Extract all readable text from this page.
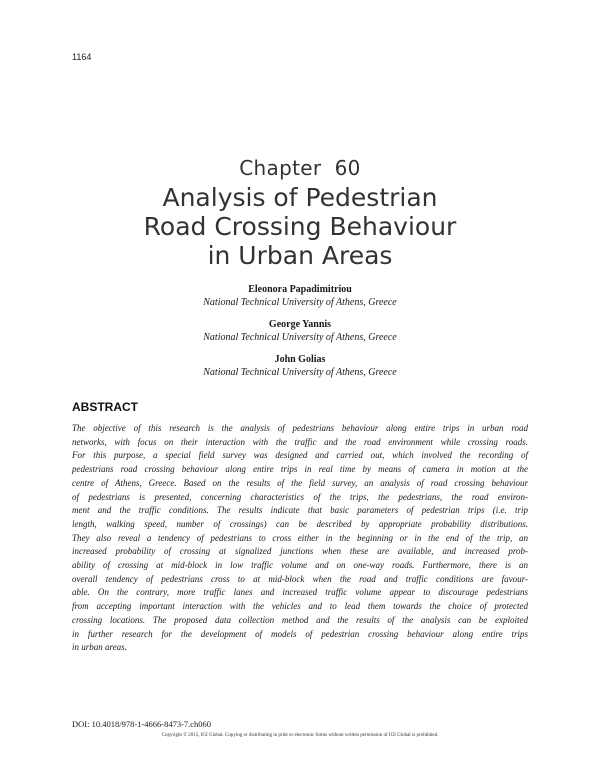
1164
Chapter  60
Analysis of Pedestrian
Road Crossing Behaviour
in Urban Areas
Eleonora Papadimitriou
National Technical University of Athens, Greece
George Yannis
National Technical University of Athens, Greece
John Golias
National Technical University of Athens, Greece
ABSTRACT
The objective of this research is the analysis of pedestrians behaviour along entire trips in urban road
networks, with focus on their interaction with the traffic and the road environment while crossing roads.
For this purpose, a special field survey was designed and carried out, which involved the recording of
pedestrians road crossing behaviour along entire trips in real time by means of camera in motion at the
centre of Athens, Greece. Based on the results of the field survey, an analysis of road crossing behaviour
of pedestrians is presented, concerning characteristics of the trips, the pedestrians, the road environ-
ment and the traffic conditions. The results indicate that basic parameters of pedestrian trips (i.e. trip
length, walking speed, number of crossings) can be described by appropriate probability distributions.
They also reveal a tendency of pedestrians to cross either in the beginning or in the end of the trip, an
increased probability of crossing at signalized junctions when these are available, and increased prob-
ability of crossing at mid-block in low traffic volume and on one-way roads. Furthermore, there is an
overall tendency of pedestrians cross to at mid-block when the road and traffic conditions are favour-
able. On the contrary, more traffic lanes and increased traffic volume appear to discourage pedestrians
from accepting important interaction with the vehicles and to lead them towards the choice of protected
crossing locations. The proposed data collection method and the results of the analysis can be exploited
in further research for the development of models of pedestrian crossing behaviour along entire trips
in urban areas.
DOI: 10.4018/978-1-4666-8473-7.ch060
Copyright © 2015, IGI Global. Copying or distributing in print or electronic forms without written permission of IGI Global is prohibited.
